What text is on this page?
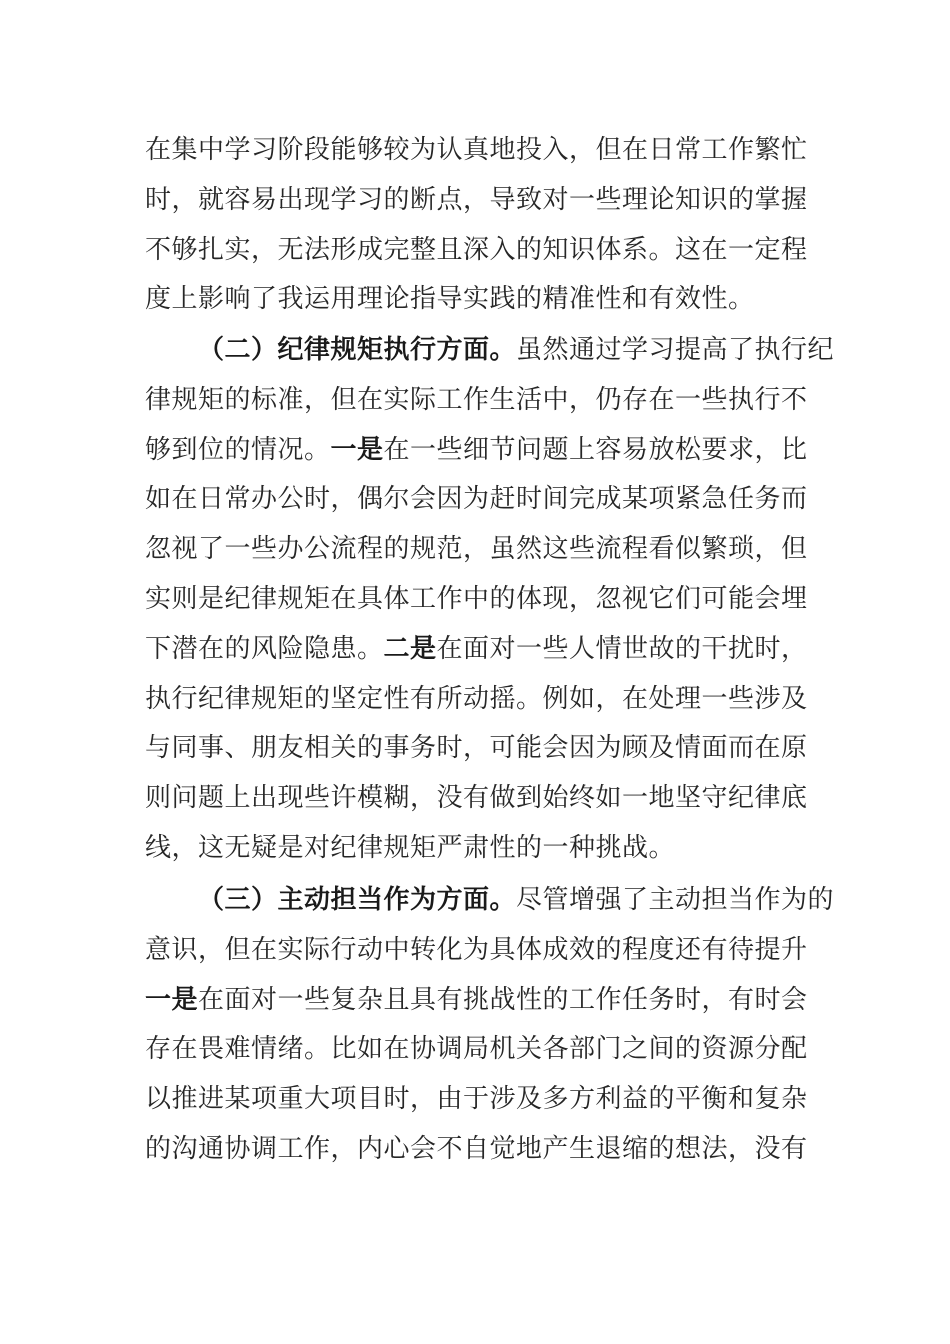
在集中学习阶段能够较为认真地投入，但在日常工作繁忙
时，就容易出现学习的断点，导致对一些理论知识的掌握
不够扎实，无法形成完整且深入的知识体系。这在一定程
度上影响了我运用理论指导实践的精准性和有效性。
（二）纪律规矩执行方面。虽然通过学习提高了执行纪
律规矩的标准，但在实际工作生活中，仍存在一些执行不
够到位的情况。一是在一些细节问题上容易放松要求，比
如在日常办公时，偶尔会因为赶时间完成某项紧急任务而
忽视了一些办公流程的规范，虽然这些流程看似繁琐，但
实则是纪律规矩在具体工作中的体现，忽视它们可能会埋
下潜在的风险隐患。二是在面对一些人情世故的干扰时，
执行纪律规矩的坚定性有所动摇。例如，在处理一些涉及
与同事、朋友相关的事务时，可能会因为顾及情面而在原
则问题上出现些许模糊，没有做到始终如一地坚守纪律底
线，这无疑是对纪律规矩严肃性的一种挑战。
（三）主动担当作为方面。尽管增强了主动担当作为的
意识，但在实际行动中转化为具体成效的程度还有待提升
一是在面对一些复杂且具有挑战性的工作任务时，有时会
存在畏难情绪。比如在协调局机关各部门之间的资源分配
以推进某项重大项目时，由于涉及多方利益的平衡和复杂
的沟通协调工作，内心会不自觉地产生退缩的想法，没有
